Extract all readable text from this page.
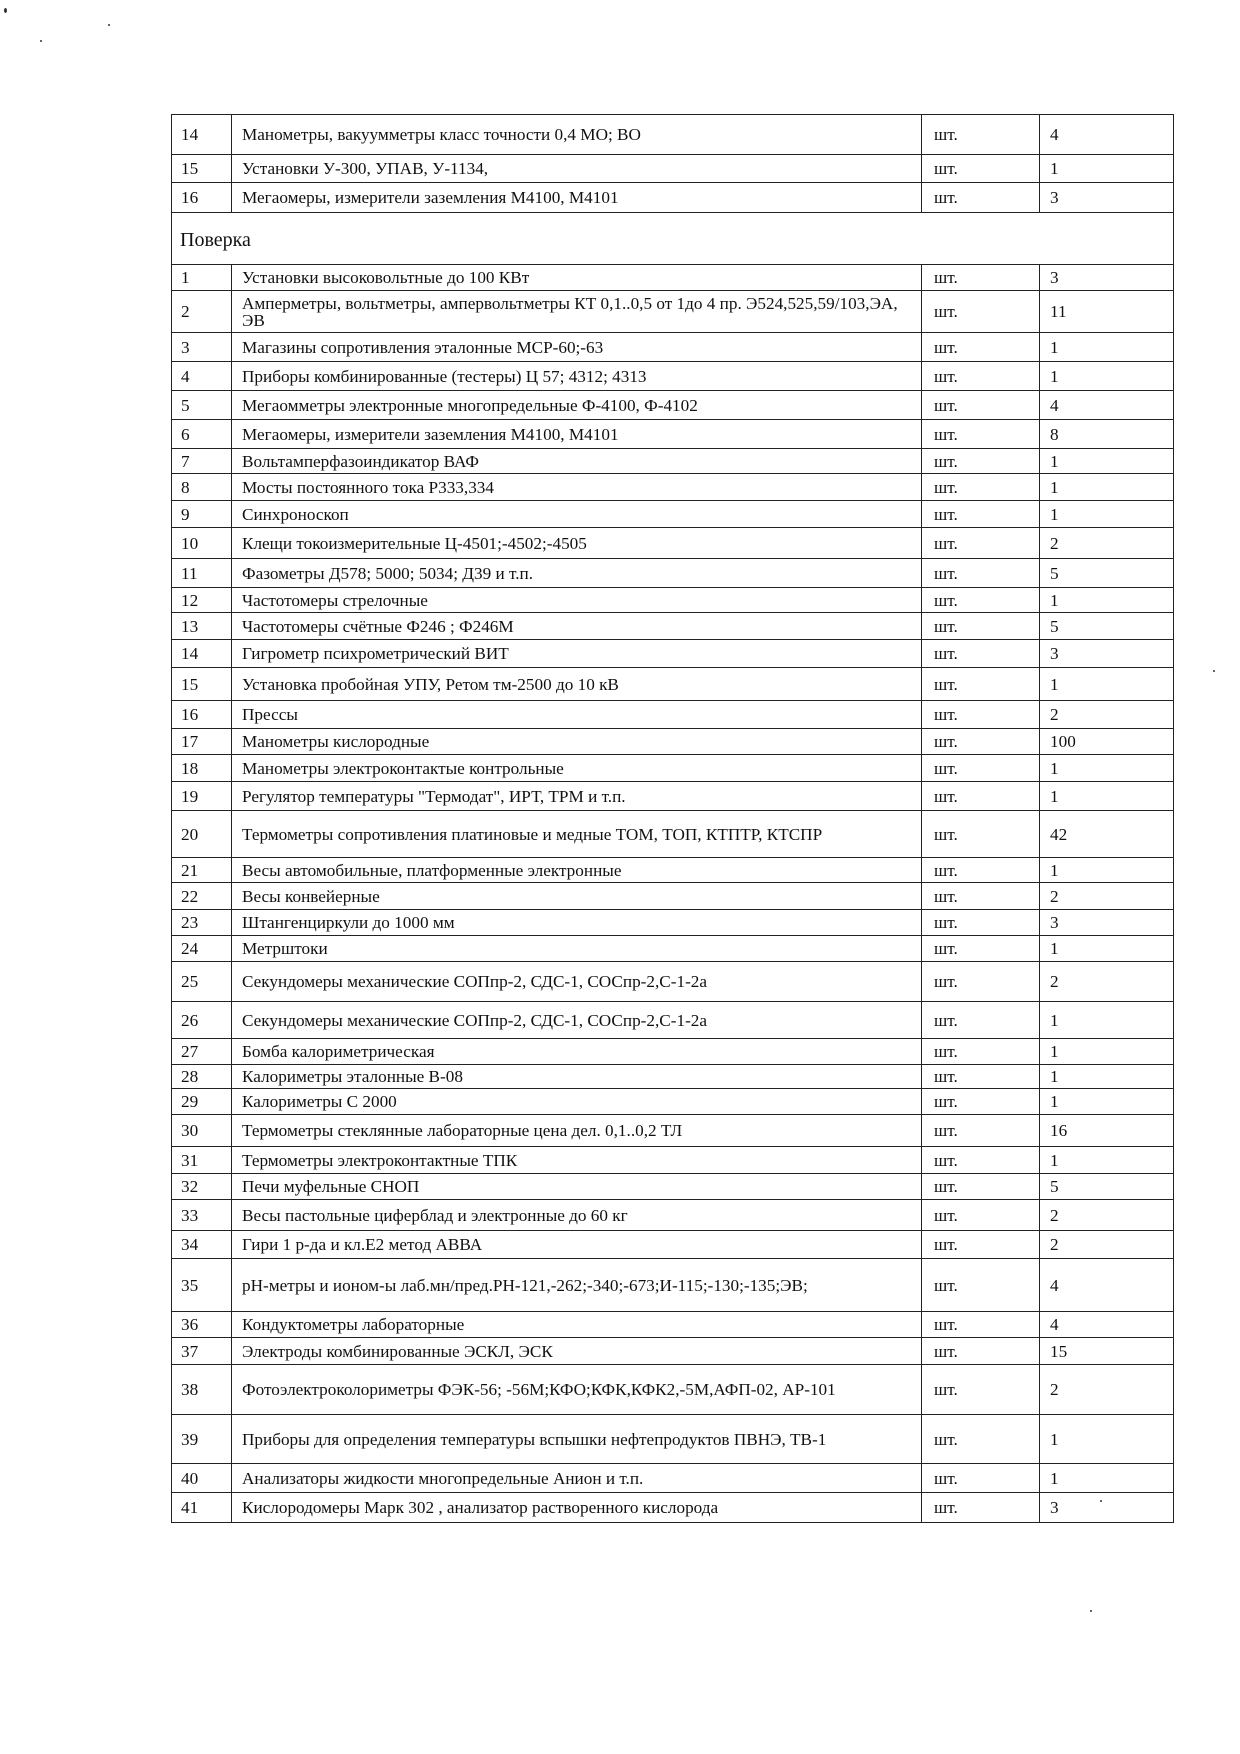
14	Манометры, вакуумметры класс точности 0,4 МО; ВО	шт.	4
15	Установки У-300, УПАВ, У-1134,	шт.	1
16	Мегаомеры, измерители заземления М4100, М4101	шт.	3
Поверка			
1	Установки высоковольтные до 100 КВт	шт.	3
2	Амперметры, вольтметры, ампервольтметры КТ 0,1..0,5 от 1до 4 пр. Э524,525,59/103,ЭА, ЭВ	шт.	11
3	Магазины сопротивления эталонные МСР-60;-63	шт.	1
4	Приборы комбинированные (тестеры) Ц 57; 4312; 4313	шт.	1
5	Мегаомметры электронные многопредельные Ф-4100, Ф-4102	шт.	4
6	Мегаомеры, измерители заземления М4100, М4101	шт.	8
7	Вольтамперфазоиндикатор ВАФ	шт.	1
8	Мосты постоянного тока Р333,334	шт.	1
9	Синхроноскоп	шт.	1
10	Клещи токоизмерительные Ц-4501;-4502;-4505	шт.	2
11	Фазометры Д578; 5000; 5034; Д39 и т.п.	шт.	5
12	Частотомеры стрелочные	шт.	1
13	Частотомеры счётные Ф246 ; Ф246М	шт.	5
14	Гигрометр психрометрический ВИТ	шт.	3
15	Установка пробойная УПУ, Ретом тм-2500 до 10 кВ	шт.	1
16	Прессы	шт.	2
17	Манометры кислородные	шт.	100
18	Манометры электроконтактые контрольные	шт.	1
19	Регулятор температуры "Термодат", ИРТ, ТРМ и т.п.	шт.	1
20	Термометры сопротивления платиновые и медные ТОМ, ТОП, КТПТР, КТСПР	шт.	42
21	Весы автомобильные, платформенные электронные	шт.	1
22	Весы конвейерные	шт.	2
23	Штангенциркули до 1000 мм	шт.	3
24	Метрштоки	шт.	1
25	Секундомеры механические СОПпр-2, СДС-1, СОСпр-2,С-1-2а	шт.	2
26	Секундомеры механические СОПпр-2, СДС-1, СОСпр-2,С-1-2а	шт.	1
27	Бомба калориметрическая	шт.	1
28	Калориметры эталонные В-08	шт.	1
29	Калориметры С 2000	шт.	1
30	Термометры стеклянные лабораторные цена дел. 0,1..0,2 ТЛ	шт.	16
31	Термометры электроконтактные ТПК	шт.	1
32	Печи муфельные СНОП	шт.	5
33	Весы пастольные циферблад и электронные до 60 кг	шт.	2
34	Гири 1 р-да и кл.Е2 метод АВВА	шт.	2
35	рН-метры и ионом-ы лаб.мн/пред.РН-121,-262;-340;-673;И-115;-130;-135;ЭВ;	шт.	4
36	Кондуктометры лабораторные	шт.	4
37	Электроды комбинированные ЭСКЛ, ЭСК	шт.	15
38	Фотоэлектроколориметры ФЭК-56; -56М;КФО;КФК,КФК2,-5М,АФП-02, АР-101	шт.	2
39	Приборы для определения температуры вспышки нефтепродуктов ПВНЭ, ТВ-1	шт.	1
40	Анализаторы жидкости многопредельные Анион и т.п.	шт.	1
41	Кислородомеры Марк 302 , анализатор растворенного кислорода	шт.	3
